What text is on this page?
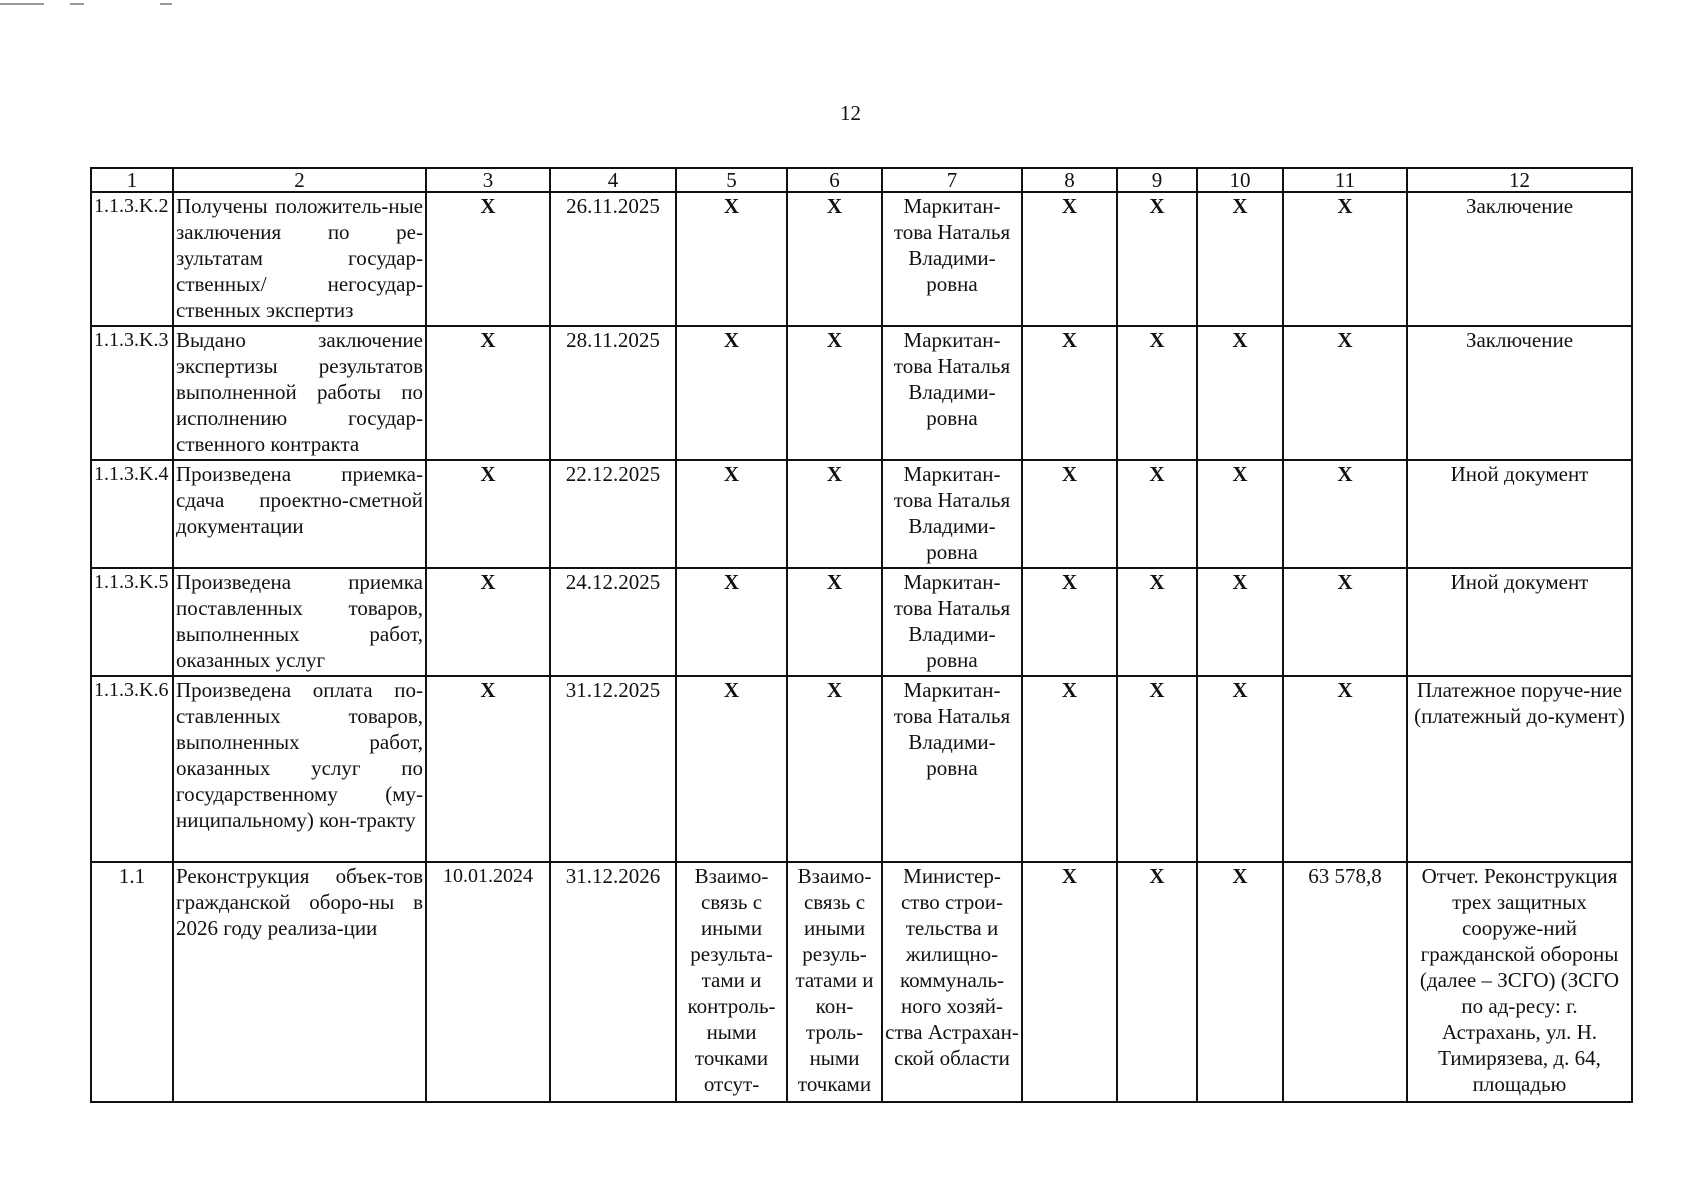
12
1	2	3	4	5	6	7	8	9	10	11	12
1.1.3.K.2	Получены положитель-ные заключения по ре-зультатам государ-ственных/ негосудар-ственных экспертиз	X	26.11.2025	X	X	Маркитан-това Наталья Владими-ровна	X	X	X	X	Заключение
1.1.3.K.3	Выдано заключение экспертизы результатов выполненной работы по исполнению государ-ственного контракта	X	28.11.2025	X	X	Маркитан-това Наталья Владими-ровна	X	X	X	X	Заключение
1.1.3.K.4	Произведена приемка-сдача проектно-сметной документации	X	22.12.2025	X	X	Маркитан-това Наталья Владими-ровна	X	X	X	X	Иной документ
1.1.3.K.5	Произведена приемка поставленных товаров, выполненных работ, оказанных услуг	X	24.12.2025	X	X	Маркитан-това Наталья Владими-ровна	X	X	X	X	Иной документ
1.1.3.K.6	Произведена оплата по-ставленных товаров, выполненных работ, оказанных услуг по государственному (му-ниципальному) кон-тракту	X	31.12.2025	X	X	Маркитан-това Наталья Владими-ровна	X	X	X	X	Платежное поруче-ние (платежный до-кумент)
1.1	Реконструкция объек-тов гражданской оборо-ны в 2026 году реализа-ции	10.01.2024	31.12.2026	Взаимо-связь с иными результа-тами и контроль-ными точками отсут-	Взаимо-связь с иными резуль-татами и кон-троль-ными точками	Министер-ство строи-тельства и жилищно-коммуналь-ного хозяй-ства Астрахан-ской области	X	X	X	63 578,8	Отчет. Реконструкция трех защитных сооруже-ний гражданской обороны (далее – ЗСГО) (ЗСГО по ад-ресу: г. Астрахань, ул. Н. Тимирязева, д. 64, площадью
